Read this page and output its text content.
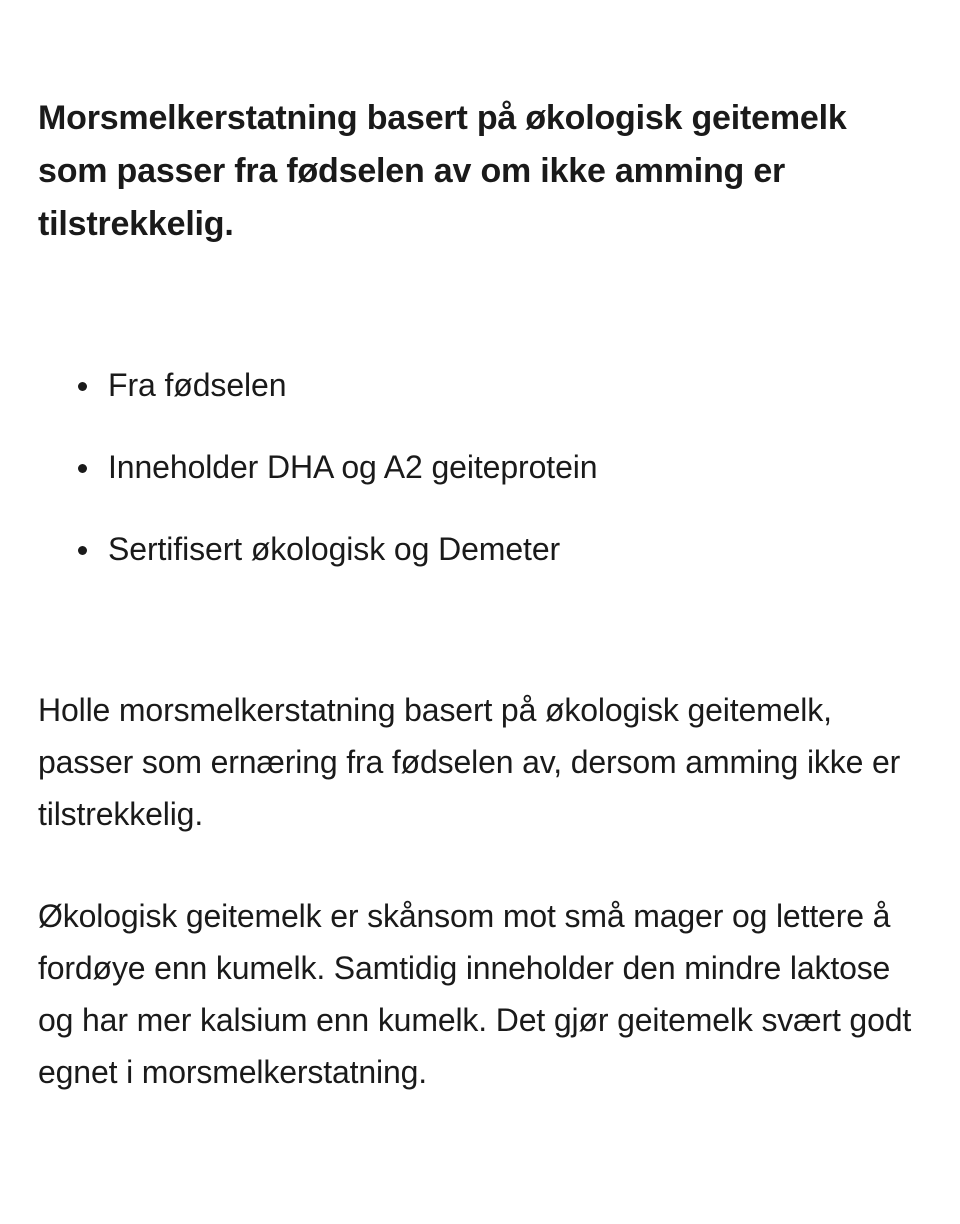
Morsmelkerstatning basert på økologisk geitemelk som passer fra fødselen av om ikke amming er tilstrekkelig.
Fra fødselen
Inneholder DHA og A2 geiteprotein
Sertifisert økologisk og Demeter

Holle morsmelkerstatning basert på økologisk geitemelk, passer som ernæring fra fødselen av, dersom amming ikke er tilstrekkelig.

Økologisk geitemelk er skånsom mot små mager og lettere å fordøye enn kumelk. Samtidig inneholder den mindre laktose og har mer kalsium enn kumelk. Det gjør geitemelk svært godt egnet i morsmelkerstatning.
